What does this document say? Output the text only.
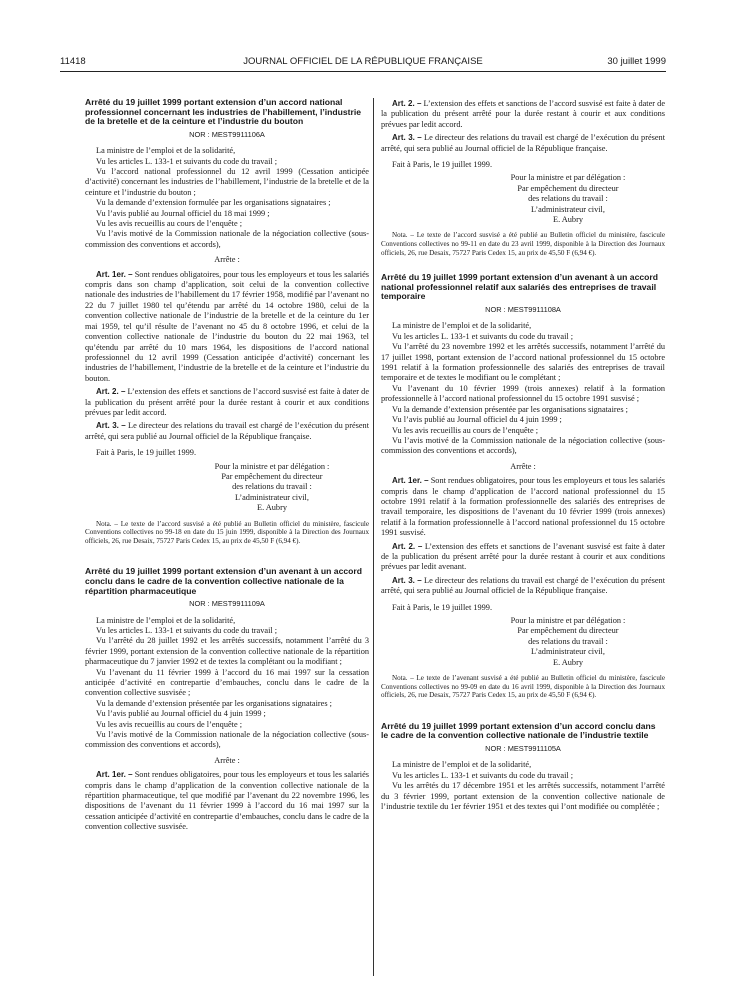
11418	JOURNAL OFFICIEL DE LA RÉPUBLIQUE FRANÇAISE	30 juillet 1999

Arrêté du 19 juillet 1999 portant extension d’un accord national professionnel concernant les industries de l’habillement, l’industrie de la bretelle et de la ceinture et l’industrie du bouton

NOR : MEST9911106A

La ministre de l’emploi et de la solidarité,

Vu les articles L. 133-1 et suivants du code du travail ;

Vu l’accord national professionnel du 12 avril 1999 (Cessation anticipée d’activité) concernant les industries de l’habillement, l’industrie de la bretelle et de la ceinture et l’industrie du bouton ;

Vu la demande d’extension formulée par les organisations signataires ;

Vu l’avis publié au Journal officiel du 18 mai 1999 ;

Vu les avis recueillis au cours de l’enquête ;

Vu l’avis motivé de la Commission nationale de la négociation collective (sous-commission des conventions et accords),

Arrête :

Art. 1er. – Sont rendues obligatoires, pour tous les employeurs et tous les salariés compris dans son champ d’application, soit celui de la convention collective nationale des industries de l’habillement du 17 février 1958, modifié par l’avenant no 22 du 7 juillet 1980 tel qu’étendu par arrêté du 14 octobre 1980, celui de la convention collective nationale de l’industrie de la bretelle et de la ceinture du 1er mai 1959, tel qu’il résulte de l’avenant no 45 du 8 octobre 1996, et celui de la convention collective nationale de l’industrie du bouton du 22 mai 1963, tel qu’étendu par arrêté du 10 mars 1964, les dispositions de l’accord national professionnel du 12 avril 1999 (Cessation anticipée d’activité) concernant les industries de l’habillement, l’industrie de la bretelle et de la ceinture et l’industrie du bouton.

Art. 2. – L’extension des effets et sanctions de l’accord susvisé est faite à dater de la publication du présent arrêté pour la durée restant à courir et aux conditions prévues par ledit accord.

Art. 3. – Le directeur des relations du travail est chargé de l’exécution du présent arrêté, qui sera publié au Journal officiel de la République française.

Fait à Paris, le 19 juillet 1999.

Pour la ministre et par délégation :

Par empêchement du directeur

des relations du travail :

L’administrateur civil,

E. Aubry

Nota. – Le texte de l’accord susvisé a été publié au Bulletin officiel du ministère, fascicule Conventions collectives no 99-18 en date du 15 juin 1999, disponible à la Direction des Journaux officiels, 26, rue Desaix, 75727 Paris Cedex 15, au prix de 45,50 F (6,94 €).

Arrêté du 19 juillet 1999 portant extension d’un avenant à un accord conclu dans le cadre de la convention collective nationale de la répartition pharmaceutique

NOR : MEST9911109A

La ministre de l’emploi et de la solidarité,

Vu les articles L. 133-1 et suivants du code du travail ;

Vu l’arrêté du 28 juillet 1992 et les arrêtés successifs, notamment l’arrêté du 3 février 1999, portant extension de la convention collective nationale de la répartition pharmaceutique du 7 janvier 1992 et de textes la complétant ou la modifiant ;

Vu l’avenant du 11 février 1999 à l’accord du 16 mai 1997 sur la cessation anticipée d’activité en contrepartie d’embauches, conclu dans le cadre de la convention collective susvisée ;

Vu la demande d’extension présentée par les organisations signataires ;

Vu l’avis publié au Journal officiel du 4 juin 1999 ;

Vu les avis recueillis au cours de l’enquête ;

Vu l’avis motivé de la Commission nationale de la négociation collective (sous-commission des conventions et accords),

Arrête :

Art. 1er. – Sont rendues obligatoires, pour tous les employeurs et tous les salariés compris dans le champ d’application de la convention collective nationale de la répartition pharmaceutique, tel que modifié par l’avenant du 22 novembre 1996, les dispositions de l’avenant du 11 février 1999 à l’accord du 16 mai 1997 sur la cessation anticipée d’activité en contrepartie d’embauches, conclu dans le cadre de la convention collective susvisée.

Art. 2. – L’extension des effets et sanctions de l’accord susvisé est faite à dater de la publication du présent arrêté pour la durée restant à courir et aux conditions prévues par ledit accord.

Art. 3. – Le directeur des relations du travail est chargé de l’exécution du présent arrêté, qui sera publié au Journal officiel de la République française.

Fait à Paris, le 19 juillet 1999.

Pour la ministre et par délégation :

Par empêchement du directeur

des relations du travail :

L’administrateur civil,

E. Aubry

Nota. – Le texte de l’accord susvisé a été publié au Bulletin officiel du ministère, fascicule Conventions collectives no 99-11 en date du 23 avril 1999, disponible à la Direction des Journaux officiels, 26, rue Desaix, 75727 Paris Cedex 15, au prix de 45,50 F (6,94 €).

Arrêté du 19 juillet 1999 portant extension d’un avenant à un accord national professionnel relatif aux salariés des entreprises de travail temporaire

NOR : MEST9911108A

La ministre de l’emploi et de la solidarité,

Vu les articles L. 133-1 et suivants du code du travail ;

Vu l’arrêté du 23 novembre 1992 et les arrêtés successifs, notamment l’arrêté du 17 juillet 1998, portant extension de l’accord national professionnel du 15 octobre 1991 relatif à la formation professionnelle des salariés des entreprises de travail temporaire et de textes le modifiant ou le complétant ;

Vu l’avenant du 10 février 1999 (trois annexes) relatif à la formation professionnelle à l’accord national professionnel du 15 octobre 1991 susvisé ;

Vu la demande d’extension présentée par les organisations signataires ;

Vu l’avis publié au Journal officiel du 4 juin 1999 ;

Vu les avis recueillis au cours de l’enquête ;

Vu l’avis motivé de la Commission nationale de la négociation collective (sous-commission des conventions et accords),

Arrête :

Art. 1er. – Sont rendues obligatoires, pour tous les employeurs et tous les salariés compris dans le champ d’application de l’accord national professionnel du 15 octobre 1991 relatif à la formation professionnelle des salariés des entreprises de travail temporaire, les dispositions de l’avenant du 10 février 1999 (trois annexes) relatif à la formation professionnelle à l’accord national professionnel du 15 octobre 1991 susvisé.

Art. 2. – L’extension des effets et sanctions de l’avenant susvisé est faite à dater de la publication du présent arrêté pour la durée restant à courir et aux conditions prévues par ledit avenant.

Art. 3. – Le directeur des relations du travail est chargé de l’exécution du présent arrêté, qui sera publié au Journal officiel de la République française.

Fait à Paris, le 19 juillet 1999.

Pour la ministre et par délégation :

Par empêchement du directeur

des relations du travail :

L’administrateur civil,

E. Aubry

Nota. – Le texte de l’avenant susvisé a été publié au Bulletin officiel du ministère, fascicule Conventions collectives no 99-09 en date du 16 avril 1999, disponible à la Direction des Journaux officiels, 26, rue Desaix, 75727 Paris Cedex 15, au prix de 45,50 F (6,94 €).

Arrêté du 19 juillet 1999 portant extension d’un accord conclu dans le cadre de la convention collective nationale de l’industrie textile

NOR : MEST9911105A

La ministre de l’emploi et de la solidarité,

Vu les articles L. 133-1 et suivants du code du travail ;

Vu les arrêtés du 17 décembre 1951 et les arrêtés successifs, notamment l’arrêté du 3 février 1999, portant extension de la convention collective nationale de l’industrie textile du 1er février 1951 et des textes qui l’ont modifiée ou complétée ;
